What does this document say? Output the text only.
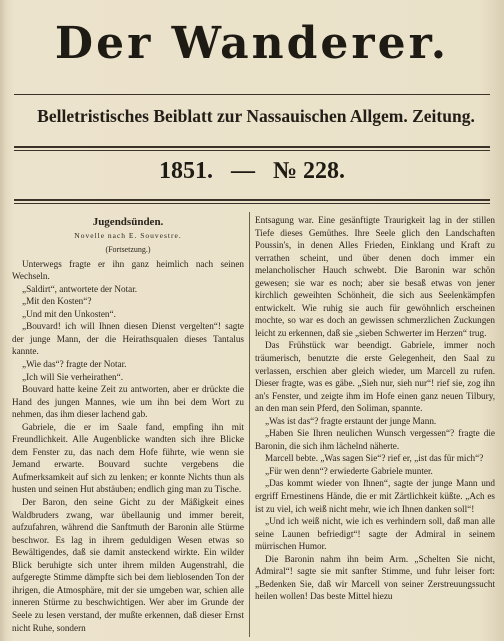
Der Wanderer.
Belletristisches Beiblatt zur Nassauischen Allgem. Zeitung.
1851. — № 228.
Jugendsünden.
Novelle nach E. Souvestre.
(Fortsetzung.)

Unterwegs fragte er ihn ganz heimlich nach seinen Wechseln.

„Saldirt“, antwortete der Notar.

„Mit den Kosten“?

„Und mit den Unkosten“.

„Bouvard! ich will Ihnen diesen Dienst vergelten“! sagte der junge Mann, der die Heirathsqualen dieses Tantalus kannte.

„Wie das“? fragte der Notar.

„Ich will Sie verheirathen“.

Bouvard hatte keine Zeit zu antworten, aber er drückte die Hand des jungen Mannes, wie um ihn bei dem Wort zu nehmen, das ihm dieser lachend gab.

Gabriele, die er im Saale fand, empfing ihn mit Freundlichkeit. Alle Augenblicke wandten sich ihre Blicke dem Fenster zu, das nach dem Hofe führte, wie wenn sie Jemand erwarte. Bouvard suchte vergebens die Aufmerksamkeit auf sich zu lenken; er konnte Nichts thun als husten und seinen Hut abstäuben; endlich ging man zu Tische.

Der Baron, den seine Gicht zu der Mäßigkeit eines Waldbruders zwang, war übellaunig und immer bereit, aufzufahren, während die Sanftmuth der Baronin alle Stürme beschwor. Es lag in ihrem geduldigen Wesen etwas so Bewältigendes, daß sie damit ansteckend wirkte. Ein wilder Blick beruhigte sich unter ihrem milden Augenstrahl, die aufgeregte Stimme dämpfte sich bei dem lieblosenden Ton der ihrigen, die Atmosphäre, mit der sie umgeben war, schien alle inneren Stürme zu beschwichtigen. Wer aber im Grunde der Seele zu lesen verstand, der mußte erkennen, daß dieser Ernst nicht Ruhe, sondern

Entsagung war. Eine gesänftigte Traurigkeit lag in der stillen Tiefe dieses Gemüthes. Ihre Seele glich den Landschaften Poussin's, in denen Alles Frieden, Einklang und Kraft zu verrathen scheint, und über denen doch immer ein melancholischer Hauch schwebt. Die Baronin war schön gewesen; sie war es noch; aber sie besaß etwas von jener kirchlich geweihten Schönheit, die sich aus Seelenkämpfen entwickelt. Wie ruhig sie auch für gewöhnlich erscheinen mochte, so war es doch an gewissen schmerzlichen Zuckungen leicht zu erkennen, daß sie „sieben Schwerter im Herzen“ trug.

Das Frühstück war beendigt. Gabriele, immer noch träumerisch, benutzte die erste Gelegenheit, den Saal zu verlassen, erschien aber gleich wieder, um Marcell zu rufen. Dieser fragte, was es gäbe. „Sieh nur, sieh nur“! rief sie, zog ihn an's Fenster, und zeigte ihm im Hofe einen ganz neuen Tilbury, an den man sein Pferd, den Soliman, spannte.

„Was ist das“? fragte erstaunt der junge Mann.

„Haben Sie Ihren neulichen Wunsch vergessen“? fragte die Baronin, die sich ihm lächelnd näherte.

Marcell bebte. „Was sagen Sie“? rief er, „ist das für mich“?

„Für wen denn“? erwiederte Gabriele munter.

„Das kommt wieder von Ihnen“, sagte der junge Mann und ergriff Ernestinens Hände, die er mit Zärtlichkeit küßte. „Ach es ist zu viel, ich weiß nicht mehr, wie ich Ihnen danken soll“!

„Und ich weiß nicht, wie ich es verhindern soll, daß man alle seine Launen befriedigt“! sagte der Admiral in seinem mürrischen Humor.

Die Baronin nahm ihn beim Arm. „Schelten Sie nicht, Admiral“! sagte sie mit sanfter Stimme, und fuhr leiser fort: „Bedenken Sie, daß wir Marcell von seiner Zerstreuungssucht heilen wollen! Das beste Mittel hiezu
